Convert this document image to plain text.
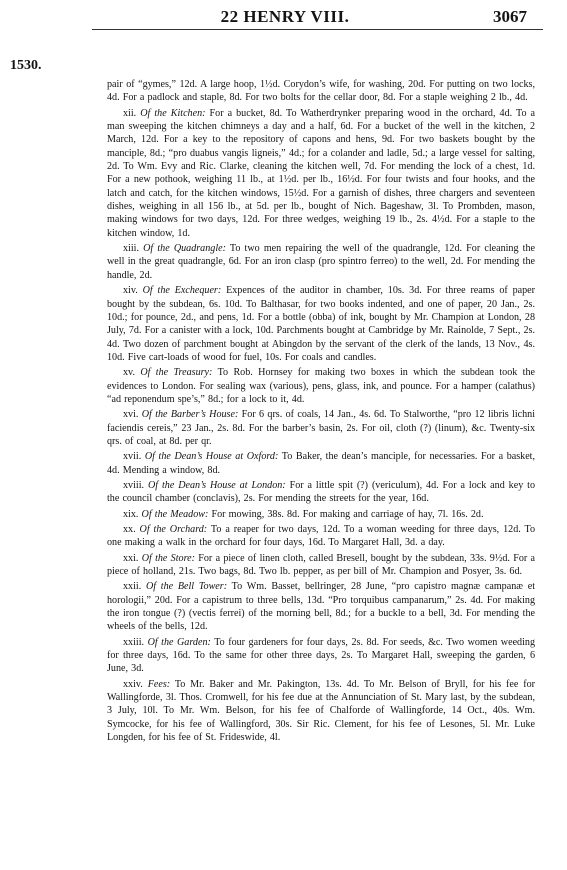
22 HENRY VIII.	3067
1530.

pair of “gymes,” 12d. A large hoop, 1½d. Corydon’s wife, for washing, 20d. For putting on two locks, 4d. For a padlock and staple, 8d. For two bolts for the cellar door, 8d. For a staple weighing 2 lb., 4d.

xii. Of the Kitchen: For a bucket, 8d. To Watherdrynker preparing wood in the orchard, 4d. To a man sweeping the kitchen chimneys a day and a half, 6d. For a bucket of the well in the kitchen, 2 March, 12d. For a key to the repository of capons and hens, 9d. For two baskets bought by the manciple, 8d.; “pro duabus vangis ligneis,” 4d.; for a colander and ladle, 5d.; a large vessel for salting, 2d. To Wm. Evy and Ric. Clarke, cleaning the kitchen well, 7d. For mending the lock of a chest, 1d. For a new pothook, weighing 11 lb., at 1½d. per lb., 16½d. For four twists and four hooks, and the latch and catch, for the kitchen windows, 15½d. For a garnish of dishes, three chargers and seventeen dishes, weighing in all 156 lb., at 5d. per lb., bought of Nich. Bageshaw, 3l. To Prombden, mason, making windows for two days, 12d. For three wedges, weighing 19 lb., 2s. 4½d. For a staple to the kitchen window, 1d.

xiii. Of the Quadrangle: To two men repairing the well of the quadrangle, 12d. For cleaning the well in the great quadrangle, 6d. For an iron clasp (pro spintro ferreo) to the well, 2d. For mending the handle, 2d.

xiv. Of the Exchequer: Expences of the auditor in chamber, 10s. 3d. For three reams of paper bought by the subdean, 6s. 10d. To Balthasar, for two books indented, and one of paper, 20 Jan., 2s. 10d.; for pounce, 2d., and pens, 1d. For a bottle (obba) of ink, bought by Mr. Champion at London, 28 July, 7d. For a canister with a lock, 10d. Parchments bought at Cambridge by Mr. Rainolde, 7 Sept., 2s. 4d. Two dozen of parchment bought at Abingdon by the servant of the clerk of the lands, 13 Nov., 4s. 10d. Five cart-loads of wood for fuel, 10s. For coals and candles.

xv. Of the Treasury: To Rob. Hornsey for making two boxes in which the subdean took the evidences to London. For sealing wax (various), pens, glass, ink, and pounce. For a hamper (calathus) “ad reponendum spe’s,” 8d.; for a lock to it, 4d.

xvi. Of the Barber’s House: For 6 qrs. of coals, 14 Jan., 4s. 6d. To Stalworthe, “pro 12 libris lichni faciendis cereis,” 23 Jan., 2s. 8d. For the barber’s basin, 2s. For oil, cloth (?) (linum), &c. Twenty-six qrs. of coal, at 8d. per qr.

xvii. Of the Dean’s House at Oxford: To Baker, the dean’s manciple, for necessaries. For a basket, 4d. Mending a window, 8d.

xviii. Of the Dean’s House at London: For a little spit (?) (vericulum), 4d. For a lock and key to the council chamber (conclavis), 2s. For mending the streets for the year, 16d.

xix. Of the Meadow: For mowing, 38s. 8d. For making and carriage of hay, 7l. 16s. 2d.

xx. Of the Orchard: To a reaper for two days, 12d. To a woman weeding for three days, 12d. To one making a walk in the orchard for four days, 16d. To Margaret Hall, 3d. a day.

xxi. Of the Store: For a piece of linen cloth, called Bresell, bought by the subdean, 33s. 9½d. For a piece of holland, 21s. Two bags, 8d. Two lb. pepper, as per bill of Mr. Champion and Posyer, 3s. 6d.

xxii. Of the Bell Tower: To Wm. Basset, bellringer, 28 June, “pro capistro magnæ campanæ et horologii,” 20d. For a capistrum to three bells, 13d. “Pro torquibus campanarum,” 2s. 4d. For making the iron tongue (?) (vectis ferrei) of the morning bell, 8d.; for a buckle to a bell, 3d. For mending the wheels of the bells, 12d.

xxiii. Of the Garden: To four gardeners for four days, 2s. 8d. For seeds, &c. Two women weeding for three days, 16d. To the same for other three days, 2s. To Margaret Hall, sweeping the garden, 6 June, 3d.

xxiv. Fees: To Mr. Baker and Mr. Pakington, 13s. 4d. To Mr. Belson of Bryll, for his fee for Wallingforde, 3l. Thos. Cromwell, for his fee due at the Annunciation of St. Mary last, by the subdean, 3 July, 10l. To Mr. Wm. Belson, for his fee of Chalforde of Wallingforde, 14 Oct., 40s. Wm. Symcocke, for his fee of Wallingford, 30s. Sir Ric. Clement, for his fee of Lesones, 5l. Mr. Luke Longden, for his fee of St. Frideswide, 4l.
